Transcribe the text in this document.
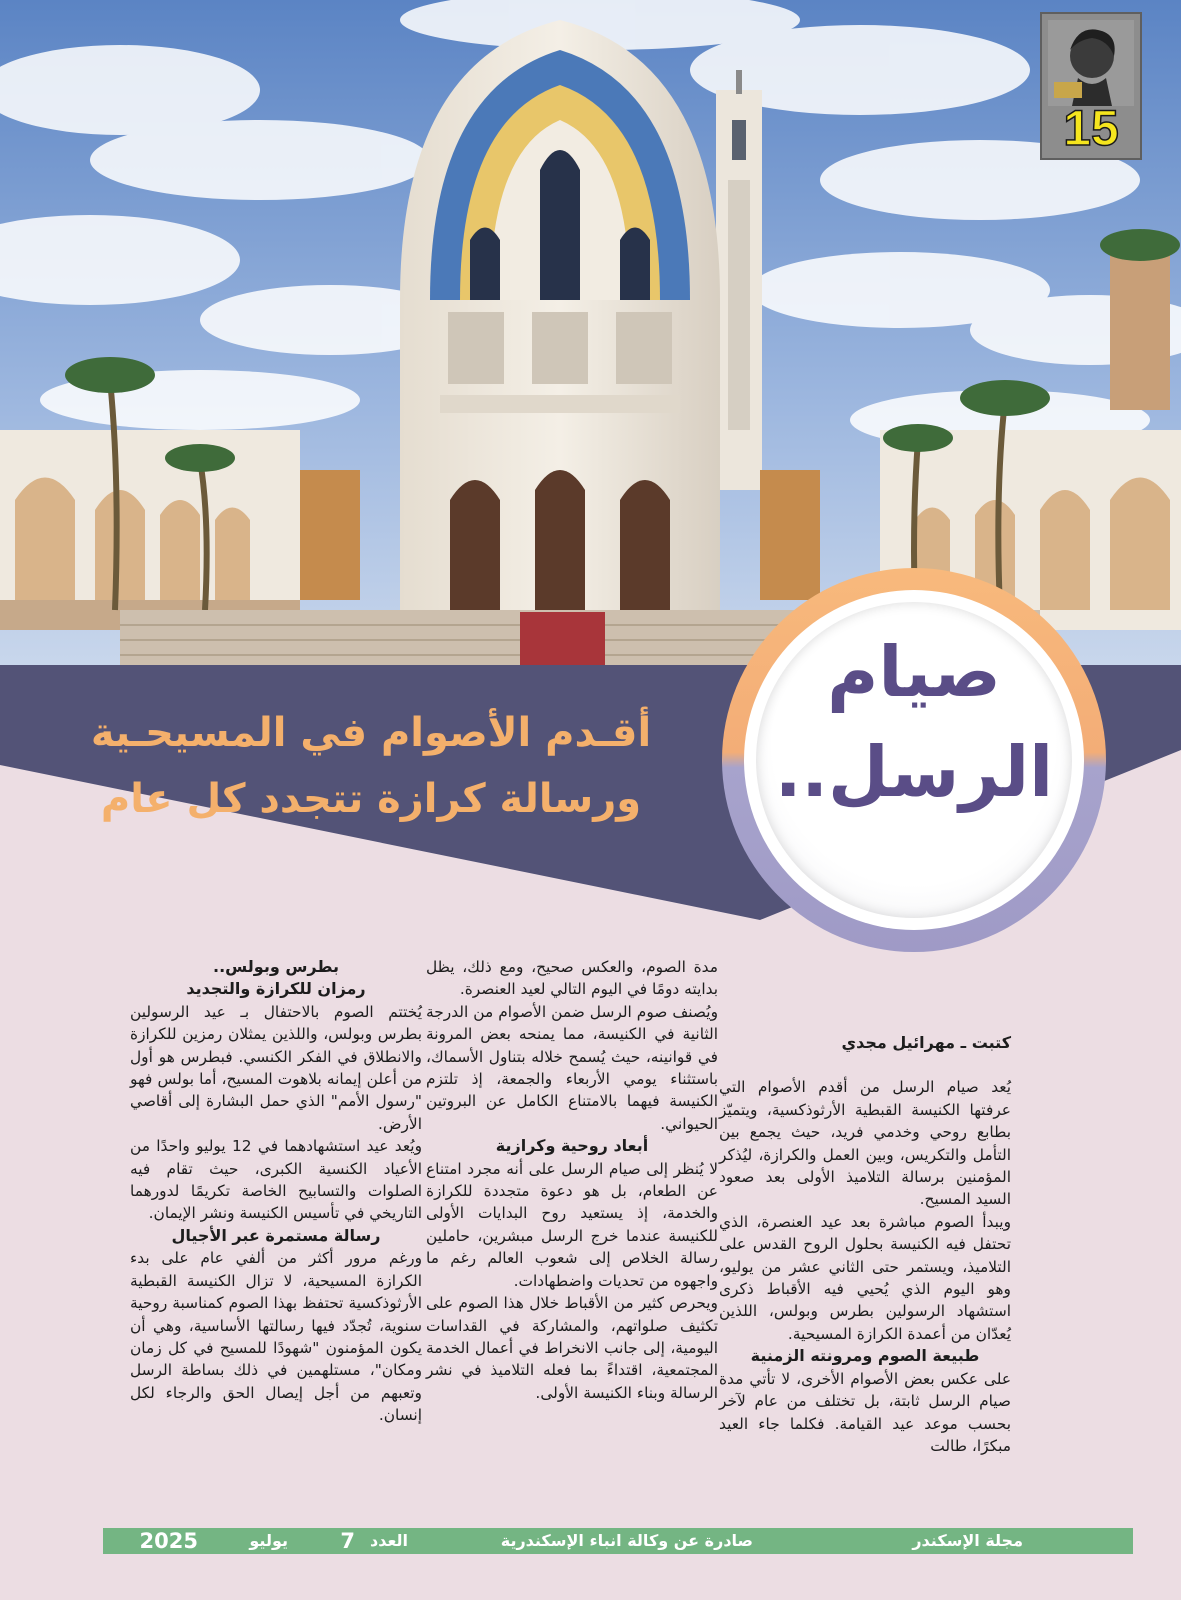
15
أقـدم الأصوام في المسيحـية
ورسالة كرازة تتجدد كل عام
صيام
الرسل..

كتبت ـ مهرائيل مجدي

يُعد صيام الرسل من أقدم الأصوام التي عرفتها الكنيسة القبطية الأرثوذكسية، ويتميّز بطابع روحي وخدمي فريد، حيث يجمع بين التأمل والتكريس، وبين العمل والكرازة، ليُذكر المؤمنين برسالة التلاميذ الأولى بعد صعود السيد المسيح.

ويبدأ الصوم مباشرة بعد عيد العنصرة، الذي تحتفل فيه الكنيسة بحلول الروح القدس على التلاميذ، ويستمر حتى الثاني عشر من يوليو، وهو اليوم الذي يُحيي فيه الأقباط ذكرى استشهاد الرسولين بطرس وبولس، اللذين يُعدّان من أعمدة الكرازة المسيحية.

طبيعة الصوم ومرونته الزمنية

على عكس بعض الأصوام الأخرى، لا تأتي مدة صيام الرسل ثابتة، بل تختلف من عام لآخر بحسب موعد عيد القيامة. فكلما جاء العيد مبكرًا، طالت

مدة الصوم، والعكس صحيح، ومع ذلك، يظل بدايته دومًا في اليوم التالي لعيد العنصرة.

ويُصنف صوم الرسل ضمن الأصوام من الدرجة الثانية في الكنيسة، مما يمنحه بعض المرونة في قوانينه، حيث يُسمح خلاله بتناول الأسماك، باستثناء يومي الأربعاء والجمعة، إذ تلتزم الكنيسة فيهما بالامتناع الكامل عن البروتين الحيواني.

أبعاد روحية وكرازية

لا يُنظر إلى صيام الرسل على أنه مجرد امتناع عن الطعام، بل هو دعوة متجددة للكرازة والخدمة، إذ يستعيد روح البدايات الأولى للكنيسة عندما خرج الرسل مبشرين، حاملين رسالة الخلاص إلى شعوب العالم رغم ما واجهوه من تحديات واضطهادات.

ويحرص كثير من الأقباط خلال هذا الصوم على تكثيف صلواتهم، والمشاركة في القداسات اليومية، إلى جانب الانخراط في أعمال الخدمة المجتمعية، اقتداءً بما فعله التلاميذ في نشر الرسالة وبناء الكنيسة الأولى.

بطرس وبولس..
رمزان للكرازة والتجديد

يُختتم الصوم بالاحتفال بـ عيد الرسولين بطرس وبولس، واللذين يمثلان رمزين للكرازة والانطلاق في الفكر الكنسي. فبطرس هو أول من أعلن إيمانه بلاهوت المسيح، أما بولس فهو "رسول الأمم" الذي حمل البشارة إلى أقاصي الأرض.

ويُعد عيد استشهادهما في 12 يوليو واحدًا من الأعياد الكنسية الكبرى، حيث تقام فيه الصلوات والتسابيح الخاصة تكريمًا لدورهما التاريخي في تأسيس الكنيسة ونشر الإيمان.

رسالة مستمرة عبر الأجيال

ورغم مرور أكثر من ألفي عام على بدء الكرازة المسيحية، لا تزال الكنيسة القبطية الأرثوذكسية تحتفظ بهذا الصوم كمناسبة روحية سنوية، تُجدّد فيها رسالتها الأساسية، وهي أن يكون المؤمنون "شهودًا للمسيح في كل زمان ومكان"، مستلهمين في ذلك بساطة الرسل وتعبهم من أجل إيصال الحق والرجاء لكل إنسان.

مجلة الإسكندر
صادرة عن وكالة انباء الإسكندرية
العدد
7
يوليو
2025
